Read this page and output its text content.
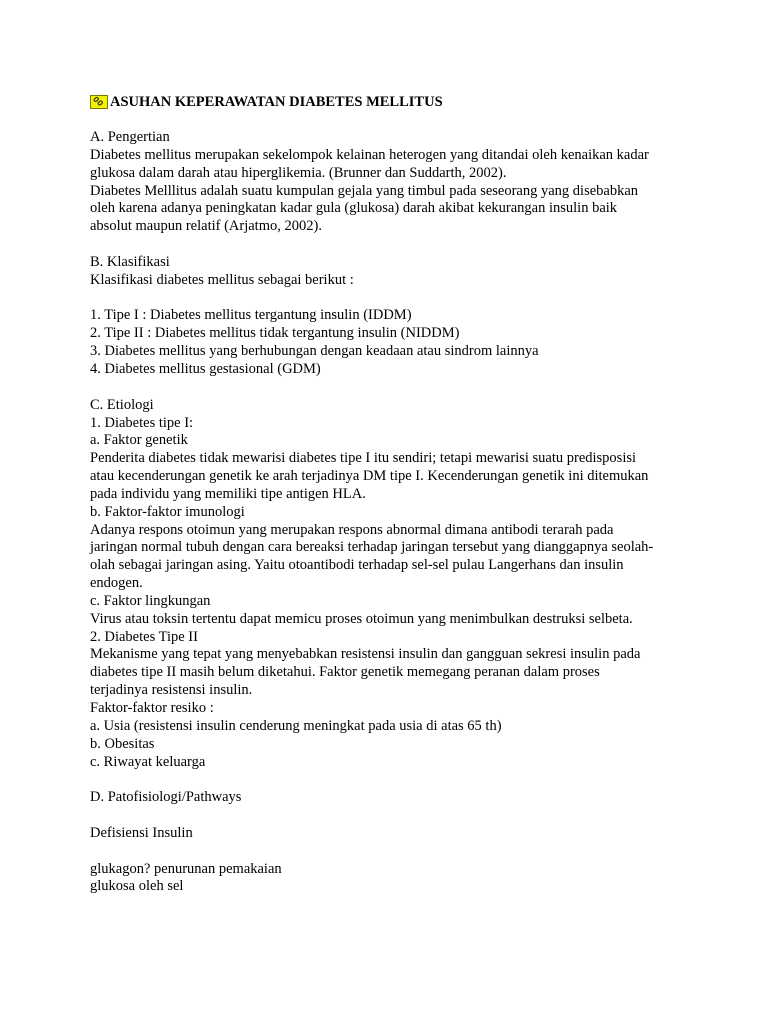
ASUHAN KEPERAWATAN DIABETES MELLITUS
A. Pengertian
Diabetes mellitus merupakan sekelompok kelainan heterogen yang ditandai oleh kenaikan kadar
glukosa dalam darah atau hiperglikemia. (Brunner dan Suddarth, 2002).
Diabetes Melllitus adalah suatu kumpulan gejala yang timbul pada seseorang yang disebabkan
oleh karena adanya peningkatan kadar gula (glukosa) darah akibat kekurangan insulin baik
absolut maupun relatif (Arjatmo, 2002).
B. Klasifikasi
Klasifikasi diabetes mellitus sebagai berikut :
1. Tipe I : Diabetes mellitus tergantung insulin (IDDM)
2. Tipe II : Diabetes mellitus tidak tergantung insulin (NIDDM)
3. Diabetes mellitus yang berhubungan dengan keadaan atau sindrom lainnya
4. Diabetes mellitus gestasional (GDM)
C. Etiologi
1. Diabetes tipe I:
a. Faktor genetik
Penderita diabetes tidak mewarisi diabetes tipe I itu sendiri; tetapi mewarisi suatu predisposisi
atau kecenderungan genetik ke arah terjadinya DM tipe I. Kecenderungan genetik ini ditemukan
pada individu yang memiliki tipe antigen HLA.
b. Faktor-faktor imunologi
Adanya respons otoimun yang merupakan respons abnormal dimana antibodi terarah pada
jaringan normal tubuh dengan cara bereaksi terhadap jaringan tersebut yang dianggapnya seolah-
olah sebagai jaringan asing. Yaitu otoantibodi terhadap sel-sel pulau Langerhans dan insulin
endogen.
c. Faktor lingkungan
Virus atau toksin tertentu dapat memicu proses otoimun yang menimbulkan destruksi selbeta.
2. Diabetes Tipe II
Mekanisme yang tepat yang menyebabkan resistensi insulin dan gangguan sekresi insulin pada
diabetes tipe II masih belum diketahui. Faktor genetik memegang peranan dalam proses
terjadinya resistensi insulin.
Faktor-faktor resiko :
a. Usia (resistensi insulin cenderung meningkat pada usia di atas 65 th)
b. Obesitas
c. Riwayat keluarga
D. Patofisiologi/Pathways
Defisiensi Insulin
glukagon? penurunan pemakaian
glukosa oleh sel
